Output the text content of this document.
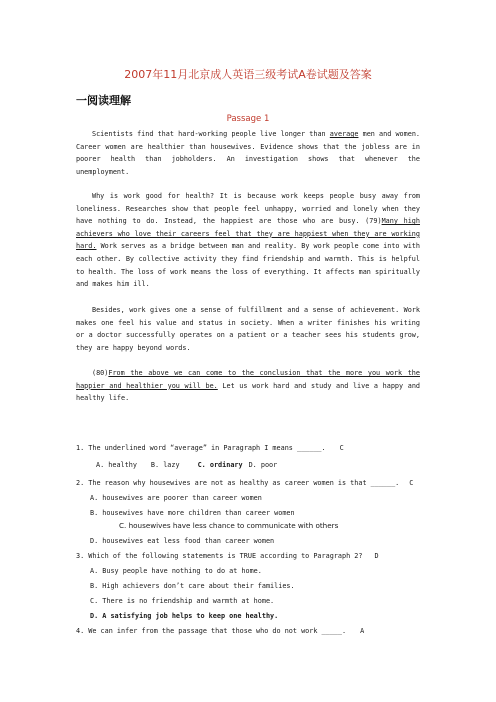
2007年11月北京成人英语三级考试A卷试题及答案
一阅读理解
Passage 1

Scientists find that hard-working people live longer than average men and women. Career women are healthier than housewives. Evidence shows that the jobless are in poorer health than jobholders. An investigation shows that whenever the unemployment.

Why is work good for health? It is because work keeps people busy away from loneliness. Researches show that people feel unhappy, worried and lonely when they have nothing to do. Instead, the happiest are those who are busy. (79)Many high achievers who love their careers feel that they are happiest when they are working hard. Work serves as a bridge between man and reality. By work people come into with each other. By collective activity they find friendship and warmth. This is helpful to health. The loss of work means the loss of everything. It affects man spiritually and makes him ill.

Besides, work gives one a sense of fulfillment and a sense of achievement. Work makes one feel his value and status in society. When a writer finishes his writing or a doctor successfully operates on a patient or a teacher sees his students grow, they are happy beyond words.

(80)From the above we can come to the conclusion that the more you work the happier and healthier you will be. Let us work hard and study and live a happy and healthy life.

1. The underlined word “average” in Paragraph I means ______. C
A. healthy B. lazy	C. ordinary D. poor
2. The reason why housewives are not as healthy as career women is that ______. C
A. housewives are poorer than career women
B. housewives have more children than career women
C. housewives have less chance to communicate with others
D. housewives eat less food than career women
3. Which of the following statements is TRUE according to Paragraph 2? D
A. Busy people have nothing to do at home.
B. High achievers don’t care about their families.
C. There is no friendship and warmth at home.
D. A satisfying job helps to keep one healthy.
4. We can infer from the passage that those who do not work _____. A
